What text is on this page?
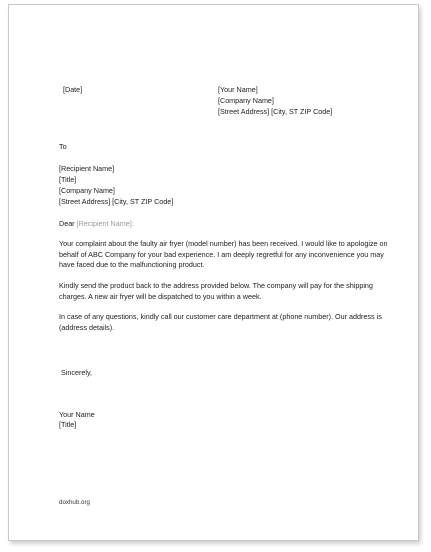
[Date]	[Your Name]
[Company Name]
[Street Address] [City, ST ZIP Code]
To
[Recipient Name]
[Title]
[Company Name]
[Street Address] [City, ST ZIP Code]
Dear [Recipient Name]:
Your complaint about the faulty air fryer (model number) has been received. I would like to apologize on behalf of ABC Company for your bad experience. I am deeply regretful for any inconvenience you may have faced due to the malfunctioning product.
Kindly send the product back to the address provided below. The company will pay for the shipping charges. A new air fryer will be dispatched to you within a week.
In case of any questions, kindly call our customer care department at (phone number). Our address is (address details).
Sincerely,
Your Name
[Title]
doxhub.org
